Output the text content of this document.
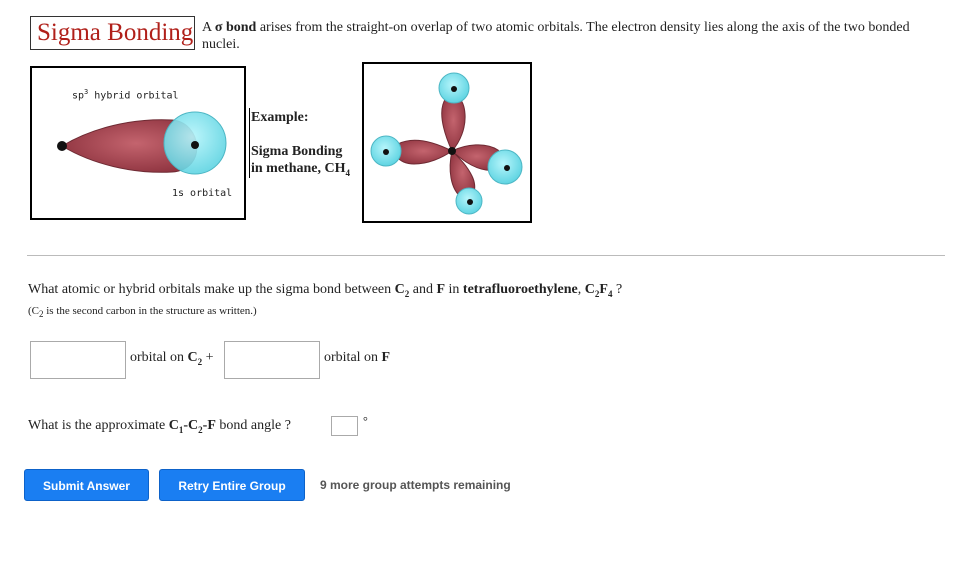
Sigma Bonding A σ bond arises from the straight-on overlap of two atomic orbitals. The electron density lies along the axis of the two bonded nuclei.
$sp^3$ hybrid orbital
1s orbital
Example:
Sigma Bonding
in methane, $CH_4$
What atomic or hybrid orbitals make up the sigma bond between $C_2$ and F in tetrafluoroethylene, $C_2F_4$ ?
($C_2$ is the second carbon in the structure as written.)
orbital on $C_2$ +	orbital on F
What is the approximate $C_1-C_2-F$ bond angle ?	°
Submit Answer	Retry Entire Group	9 more group attempts remaining
